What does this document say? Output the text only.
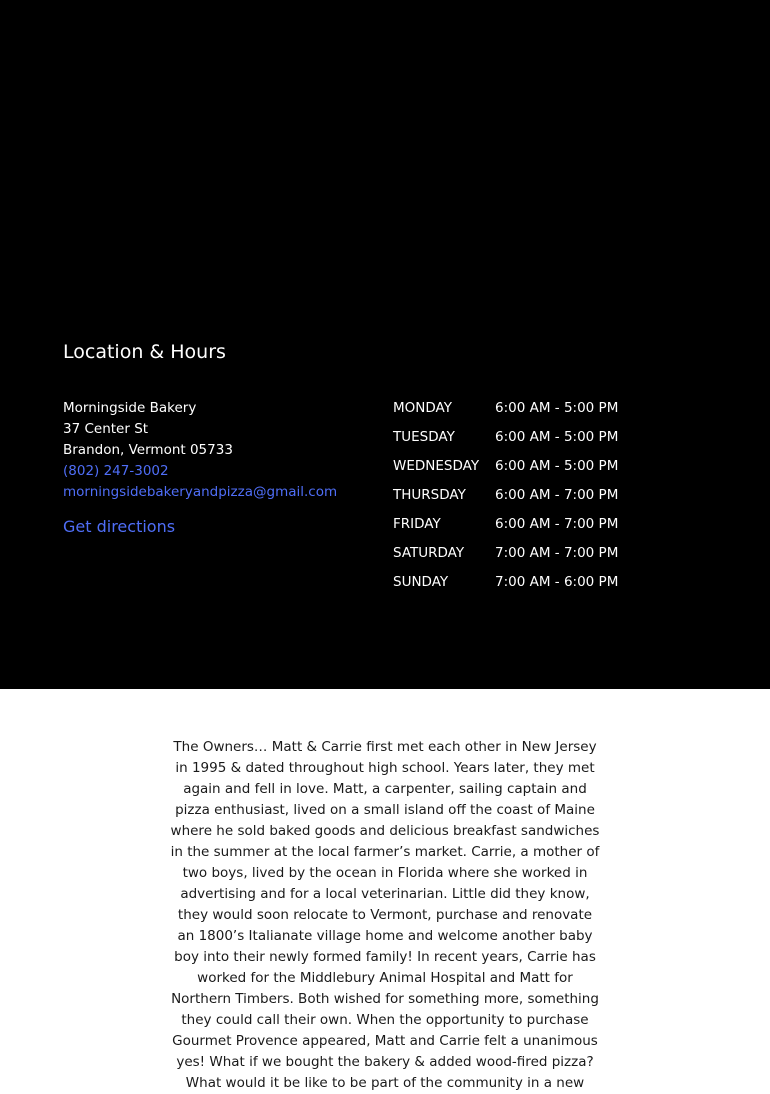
Location & Hours
Morningside Bakery
37 Center St
Brandon, Vermont 05733
(802) 247-3002
morningsidebakeryandpizza@gmail.com
Get directions
MONDAY	6:00 AM - 5:00 PM
TUESDAY	6:00 AM - 5:00 PM
WEDNESDAY	6:00 AM - 5:00 PM
THURSDAY	6:00 AM - 7:00 PM
FRIDAY	6:00 AM - 7:00 PM
SATURDAY	7:00 AM - 7:00 PM
SUNDAY	7:00 AM - 6:00 PM

The Owners… Matt & Carrie first met each other in New Jersey in 1995 & dated throughout high school. Years later, they met again and fell in love. Matt, a carpenter, sailing captain and pizza enthusiast, lived on a small island off the coast of Maine where he sold baked goods and delicious breakfast sandwiches in the summer at the local farmer’s market. Carrie, a mother of two boys, lived by the ocean in Florida where she worked in advertising and for a local veterinarian. Little did they know, they would soon relocate to Vermont, purchase and renovate an 1800’s Italianate village home and welcome another baby boy into their newly formed family! In recent years, Carrie has worked for the Middlebury Animal Hospital and Matt for Northern Timbers. Both wished for something more, something they could call their own. When the opportunity to purchase Gourmet Provence appeared, Matt and Carrie felt a unanimous yes! What if we bought the bakery & added wood-fired pizza? What would it be like to be part of the community in a new
